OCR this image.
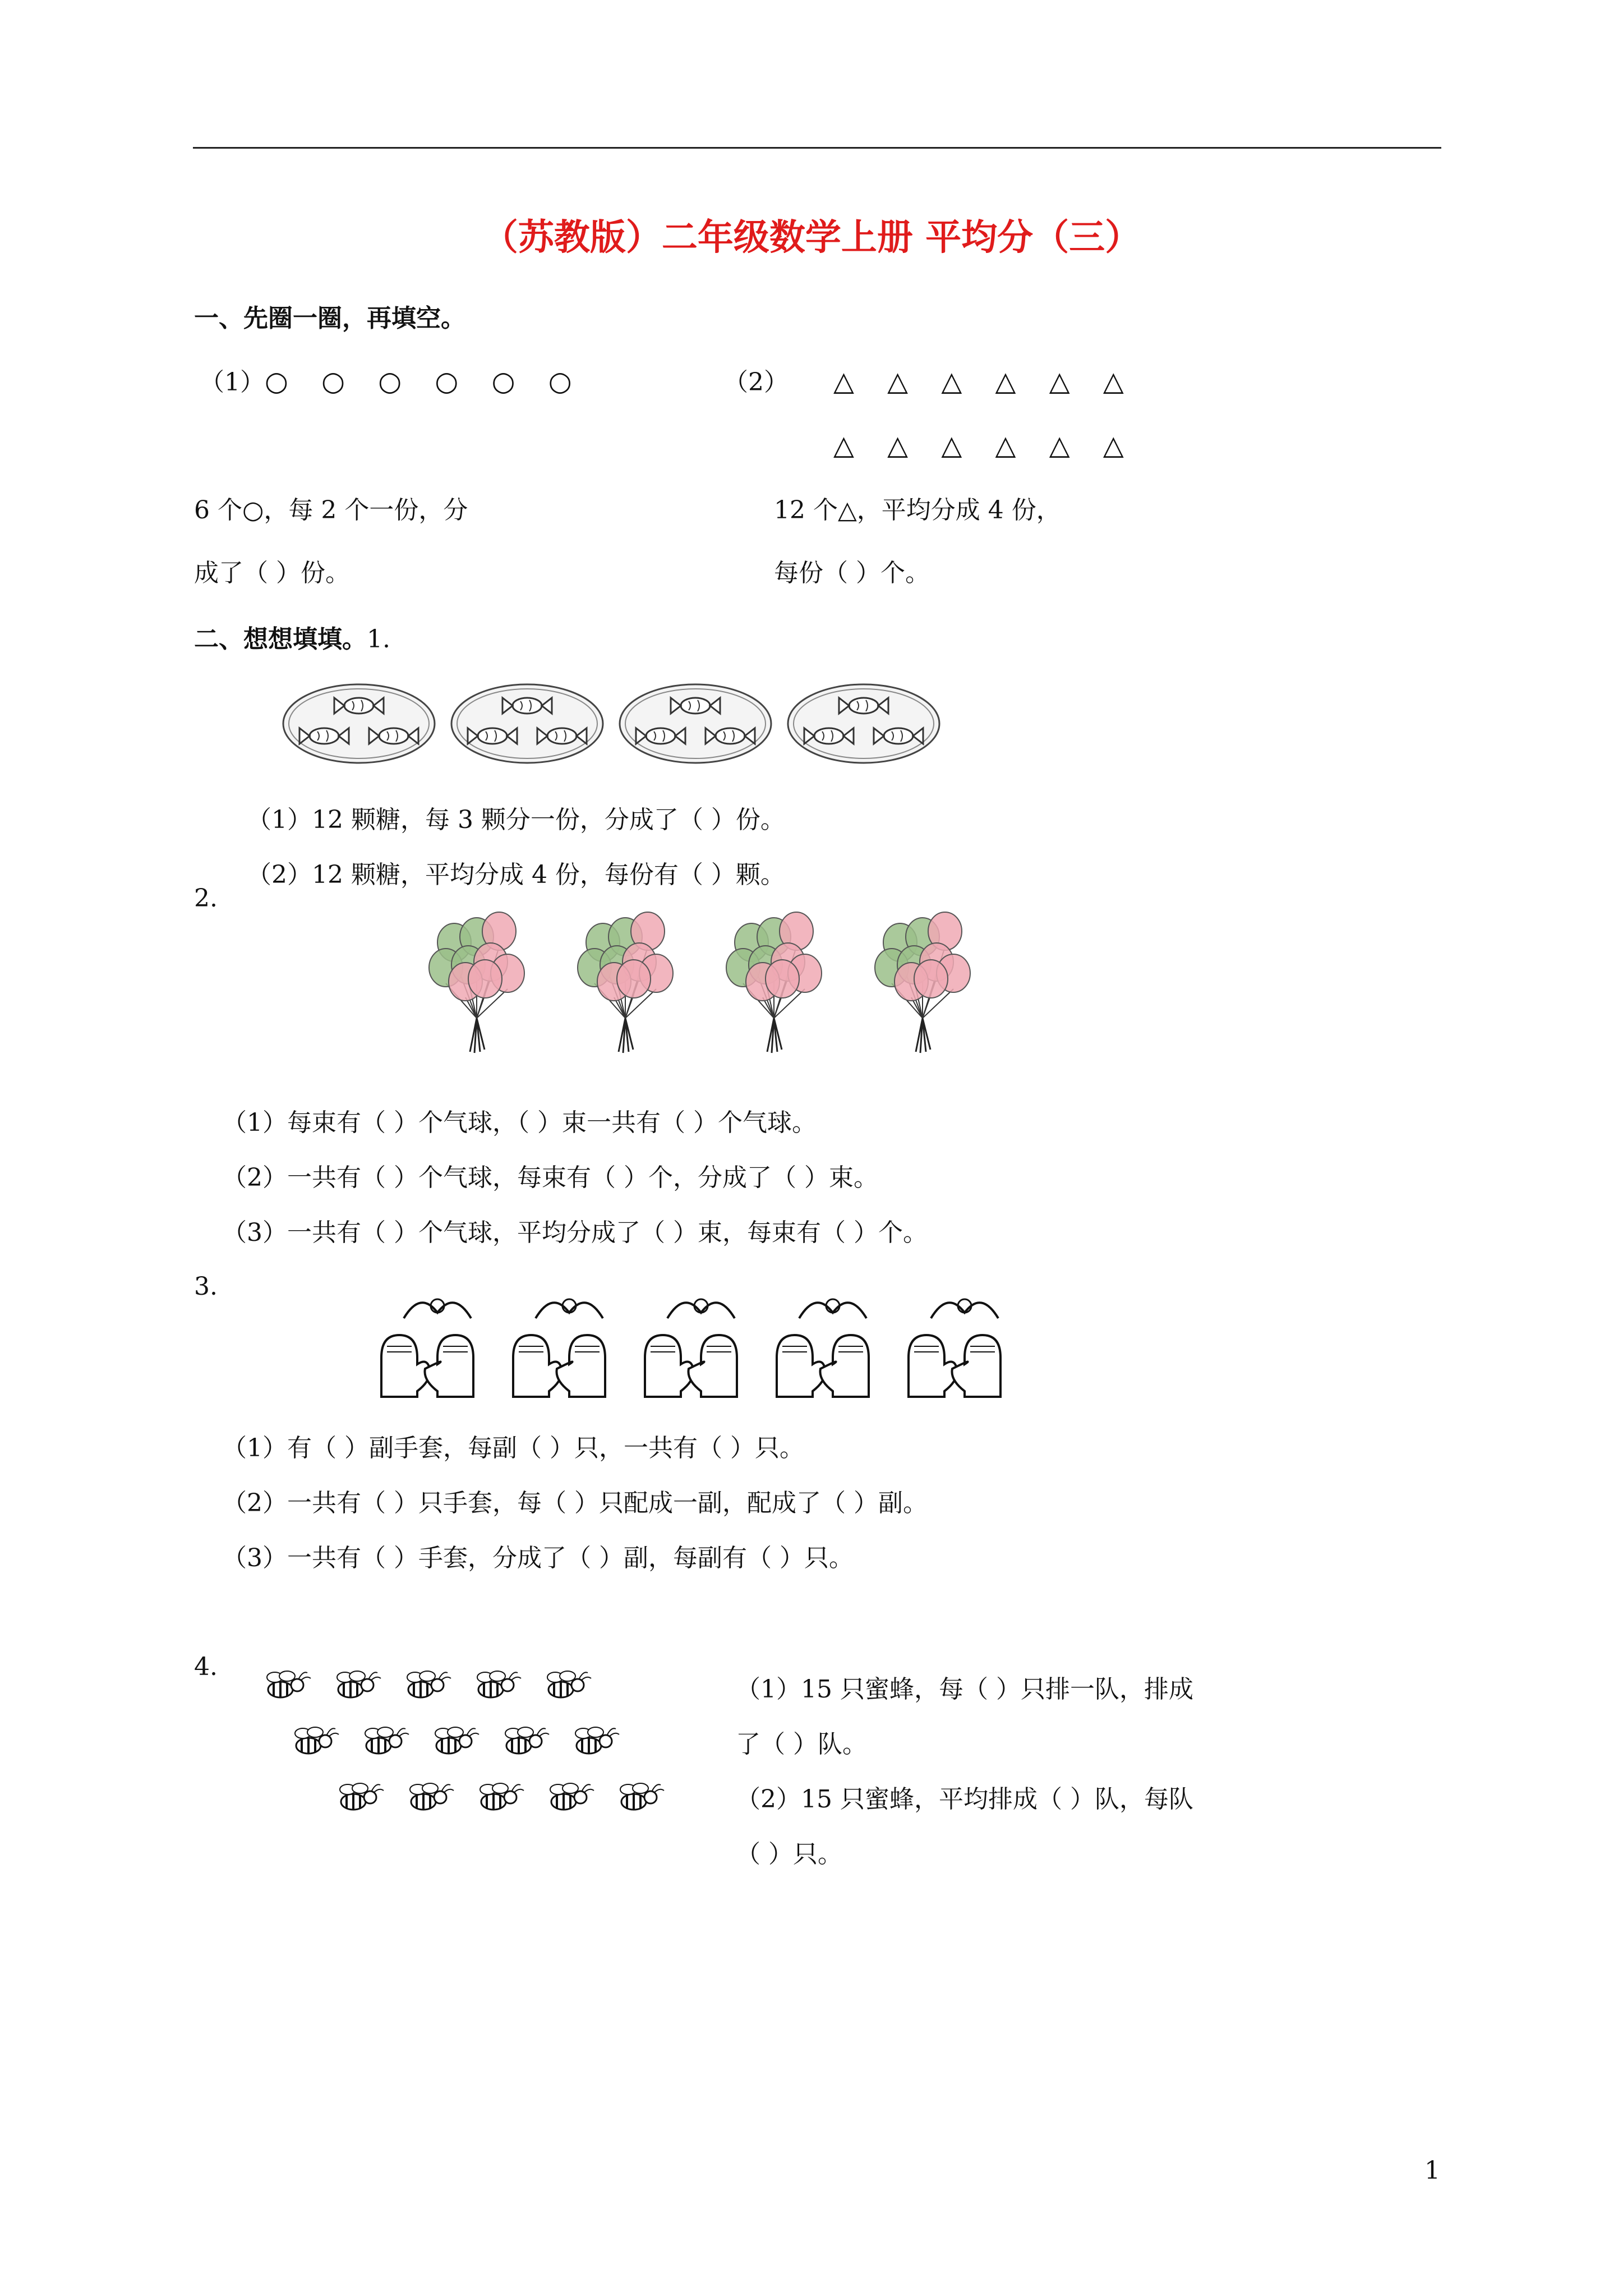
（苏教版）二年级数学上册 平均分（三）
一、先圈一圈，再填空。
（1） ○ ○ ○ ○ ○ ○	（2） △ △ △ △ △ △
△ △ △ △ △ △
6 个○，每 2 个一份，分
成了（ ）份。
12 个△，平均分成 4 份，
每份（ ）个。
二、想想填填。1.
（1）12 颗糖，每 3 颗分一份，分成了（ ）份。
（2）12 颗糖，平均分成 4 份，每份有（ ）颗。
2.
（1）每束有（ ）个气球，（ ）束一共有（ ）个气球。
（2）一共有（ ）个气球，每束有（ ）个，分成了（ ）束。
（3）一共有（ ）个气球，平均分成了（ ）束，每束有（ ）个。
3.
（1）有（ ）副手套，每副（ ）只，一共有（ ）只。
（2）一共有（ ）只手套，每（ ）只配成一副，配成了（ ）副。
（3）一共有（ ）手套，分成了（ ）副，每副有（ ）只。
4.
（1）15 只蜜蜂，每（ ）只排一队，排成
了（ ）队。
（2）15 只蜜蜂，平均排成（ ）队，每队
（ ）只。
1
